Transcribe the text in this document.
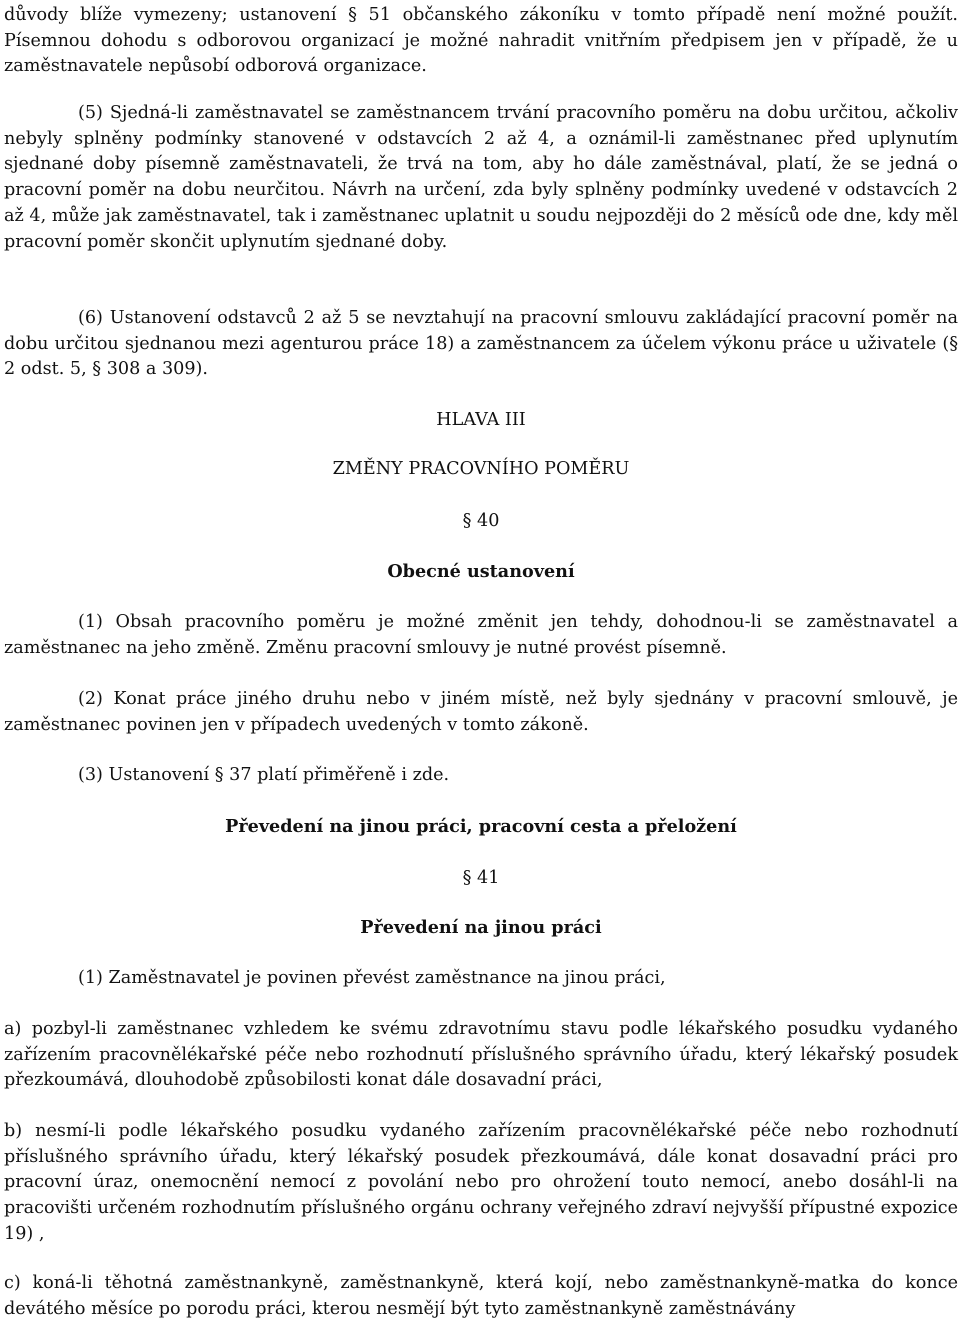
důvody blíže vymezeny; ustanovení § 51 občanského zákoníku v tomto případě není možné použít. Písemnou dohodu s odborovou organizací je možné nahradit vnitřním předpisem jen v případě, že u zaměstnavatele nepůsobí odborová organizace.

(5) Sjedná-li zaměstnavatel se zaměstnancem trvání pracovního poměru na dobu určitou, ačkoliv nebyly splněny podmínky stanovené v odstavcích 2 až 4, a oznámil-li zaměstnanec před uplynutím sjednané doby písemně zaměstnavateli, že trvá na tom, aby ho dále zaměstnával, platí, že se jedná o pracovní poměr na dobu neurčitou. Návrh na určení, zda byly splněny podmínky uvedené v odstavcích 2 až 4, může jak zaměstnavatel, tak i zaměstnanec uplatnit u soudu nejpozději do 2 měsíců ode dne, kdy měl pracovní poměr skončit uplynutím sjednané doby.

(6) Ustanovení odstavců 2 až 5 se nevztahují na pracovní smlouvu zakládající pracovní poměr na dobu určitou sjednanou mezi agenturou práce 18) a zaměstnancem za účelem výkonu práce u uživatele (§ 2 odst. 5, § 308 a 309).

HLAVA III

ZMĚNY PRACOVNÍHO POMĚRU

§ 40

Obecné ustanovení

(1) Obsah pracovního poměru je možné změnit jen tehdy, dohodnou-li se zaměstnavatel a zaměstnanec na jeho změně. Změnu pracovní smlouvy je nutné provést písemně.

(2) Konat práce jiného druhu nebo v jiném místě, než byly sjednány v pracovní smlouvě, je zaměstnanec povinen jen v případech uvedených v tomto zákoně.

(3) Ustanovení § 37 platí přiměřeně i zde.

Převedení na jinou práci, pracovní cesta a přeložení

§ 41

Převedení na jinou práci

(1) Zaměstnavatel je povinen převést zaměstnance na jinou práci,

a) pozbyl-li zaměstnanec vzhledem ke svému zdravotnímu stavu podle lékařského posudku vydaného zařízením pracovnělékařské péče nebo rozhodnutí příslušného správního úřadu, který lékařský posudek přezkoumává, dlouhodobě způsobilosti konat dále dosavadní práci,

b) nesmí-li podle lékařského posudku vydaného zařízením pracovnělékařské péče nebo rozhodnutí příslušného správního úřadu, který lékařský posudek přezkoumává, dále konat dosavadní práci pro pracovní úraz, onemocnění nemocí z povolání nebo pro ohrožení touto nemocí, anebo dosáhl-li na pracovišti určeném rozhodnutím příslušného orgánu ochrany veřejného zdraví nejvyšší přípustné expozice 19) ,

c) koná-li těhotná zaměstnankyně, zaměstnankyně, která kojí, nebo zaměstnankyně-matka do konce devátého měsíce po porodu práci, kterou nesmějí být tyto zaměstnankyně zaměstnávány
